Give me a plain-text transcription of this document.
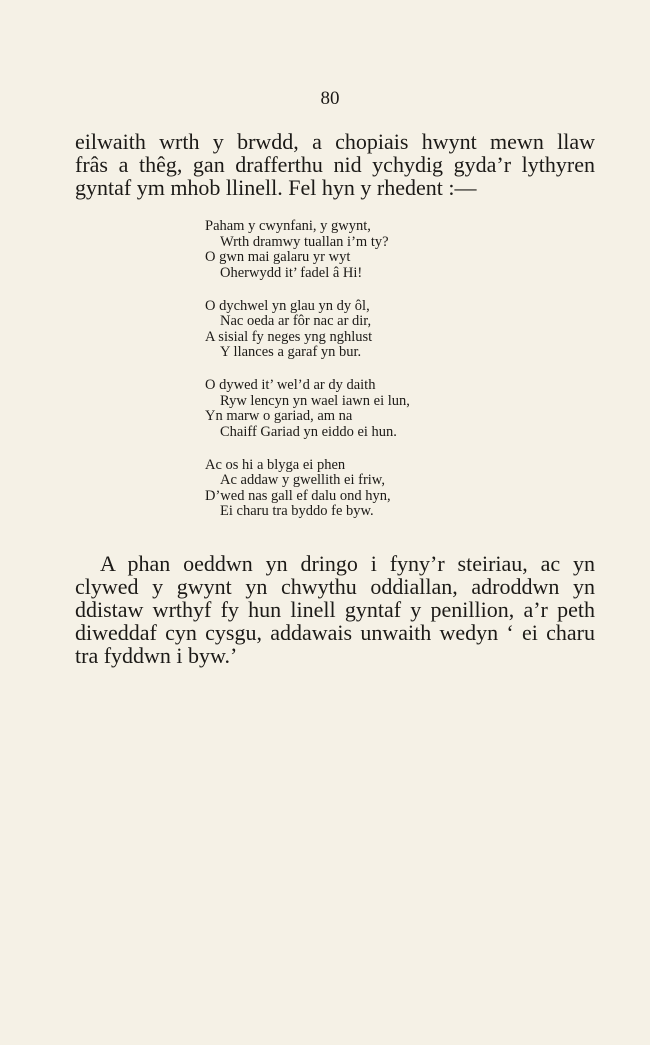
80
eilwaith wrth y brwdd, a chopiais hwynt mewn llaw
frâs a thêg, gan drafferthu nid ychydig gyda’r lythyren
gyntaf ym mhob llinell. Fel hyn y rhedent :—
Paham y cwynfani, y gwynt,
Wrth dramwy tuallan i’m ty?
O gwn mai galaru yr wyt
Oherwydd it’ fadel â Hi!
O dychwel yn glau yn dy ôl,
Nac oeda ar fôr nac ar dir,
A sisial fy neges yng nghlust
Y llances a garaf yn bur.
O dywed it’ wel’d ar dy daith
Ryw lencyn yn wael iawn ei lun,
Yn marw o gariad, am na
Chaiff Gariad yn eiddo ei hun.
Ac os hi a blyga ei phen
Ac addaw y gwellith ei friw,
D’wed nas gall ef dalu ond hyn,
Ei charu tra byddo fe byw.
A phan oeddwn yn dringo i fyny’r steiriau, ac yn
clywed y gwynt yn chwythu oddiallan, adroddwn yn
ddistaw wrthyf fy hun linell gyntaf y penillion, a’r peth
diweddaf cyn cysgu, addawais unwaith wedyn ‘ ei charu
tra fyddwn i byw.’
